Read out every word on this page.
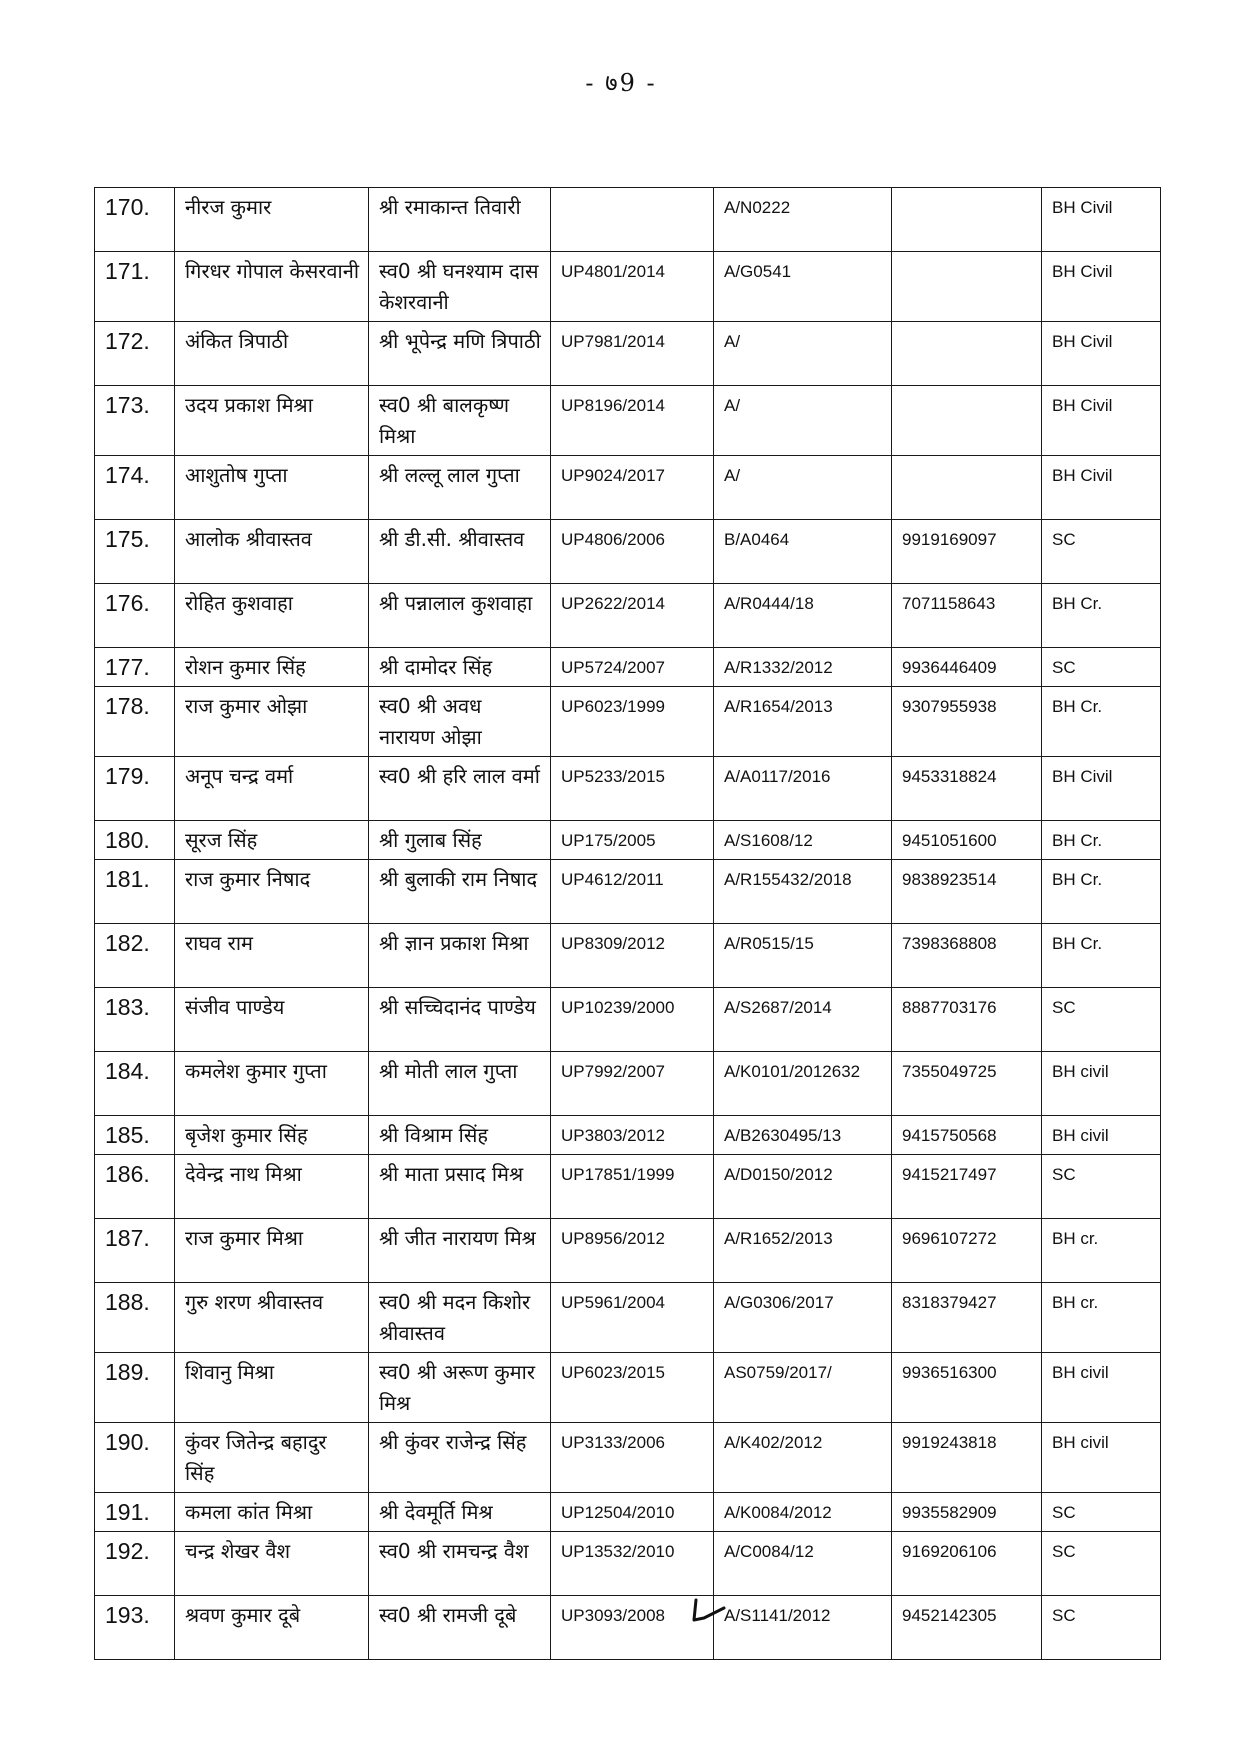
- ७9 -
170.	नीरज कुमार	श्री रमाकान्त तिवारी		A/N0222		BH Civil
171.	गिरधर गोपाल केसरवानी	स्व0 श्री घनश्याम दास केशरवानी	UP4801/2014	A/G0541		BH Civil
172.	अंकित त्रिपाठी	श्री भूपेन्द्र मणि त्रिपाठी	UP7981/2014	A/		BH Civil
173.	उदय प्रकाश मिश्रा	स्व0 श्री बालकृष्ण मिश्रा	UP8196/2014	A/		BH Civil
174.	आशुतोष गुप्ता	श्री लल्लू लाल गुप्ता	UP9024/2017	A/		BH Civil
175.	आलोक श्रीवास्तव	श्री डी.सी. श्रीवास्तव	UP4806/2006	B/A0464	9919169097	SC
176.	रोहित कुशवाहा	श्री पन्नालाल कुशवाहा	UP2622/2014	A/R0444/18	7071158643	BH Cr.
177.	रोशन कुमार सिंह	श्री दामोदर सिंह	UP5724/2007	A/R1332/2012	9936446409	SC
178.	राज कुमार ओझा	स्व0 श्री अवध नारायण ओझा	UP6023/1999	A/R1654/2013	9307955938	BH Cr.
179.	अनूप चन्द्र वर्मा	स्व0 श्री हरि लाल वर्मा	UP5233/2015	A/A0117/2016	9453318824	BH Civil
180.	सूरज सिंह	श्री गुलाब सिंह	UP175/2005	A/S1608/12	9451051600	BH Cr.
181.	राज कुमार निषाद	श्री बुलाकी राम निषाद	UP4612/2011	A/R155432/2018	9838923514	BH Cr.
182.	राघव राम	श्री ज्ञान प्रकाश मिश्रा	UP8309/2012	A/R0515/15	7398368808	BH Cr.
183.	संजीव पाण्डेय	श्री सच्चिदानंद पाण्डेय	UP10239/2000	A/S2687/2014	8887703176	SC
184.	कमलेश कुमार गुप्ता	श्री मोती लाल गुप्ता	UP7992/2007	A/K0101/2012632	7355049725	BH civil
185.	बृजेश कुमार सिंह	श्री विश्राम सिंह	UP3803/2012	A/B2630495/13	9415750568	BH civil
186.	देवेन्द्र नाथ मिश्रा	श्री माता प्रसाद मिश्र	UP17851/1999	A/D0150/2012	9415217497	SC
187.	राज कुमार मिश्रा	श्री जीत नारायण मिश्र	UP8956/2012	A/R1652/2013	9696107272	BH cr.
188.	गुरु शरण श्रीवास्तव	स्व0 श्री मदन किशोर श्रीवास्तव	UP5961/2004	A/G0306/2017	8318379427	BH cr.
189.	शिवानु मिश्रा	स्व0 श्री अरूण कुमार मिश्र	UP6023/2015	AS0759/2017/	9936516300	BH civil
190.	कुंवर जितेन्द्र बहादुर सिंह	श्री कुंवर राजेन्द्र सिंह	UP3133/2006	A/K402/2012	9919243818	BH civil
191.	कमला कांत मिश्रा	श्री देवमूर्ति मिश्र	UP12504/2010	A/K0084/2012	9935582909	SC
192.	चन्द्र शेखर वैश	स्व0 श्री रामचन्द्र वैश	UP13532/2010	A/C0084/12	9169206106	SC
193.	श्रवण कुमार दूबे	स्व0 श्री रामजी दूबे	UP3093/2008	A/S1141/2012	9452142305	SC
